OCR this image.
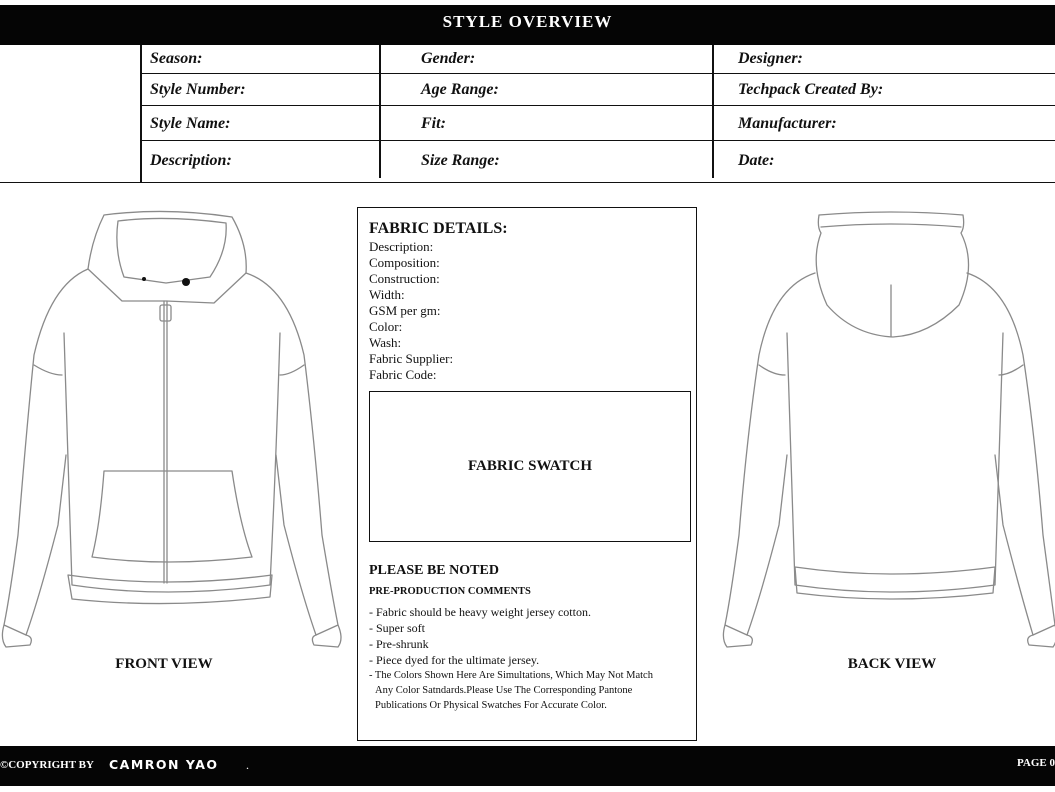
STYLE OVERVIEW
Season:
Style Number:
Style Name:
Description:
Gender:
Age Range:
Fit:
Size Range:
Designer:
Techpack Created By:
Manufacturer:
Date:
FRONT VIEW
FABRIC DETAILS:
Description:
Composition:
Construction:
Width:
GSM per gm:
Color:
Wash:
Fabric Supplier:
Fabric Code:
FABRIC SWATCH
PLEASE BE NOTED
PRE-PRODUCTION COMMENTS
- Fabric should be heavy weight jersey cotton.
- Super soft
- Pre-shrunk
- Piece dyed for the ultimate jersey.
- The Colors Shown Here Are Simultations, Which May Not Match
Any Color Satndards.Please Use The Corresponding Pantone
Publications Or Physical Swatches For Accurate Color.
BACK VIEW
©COPYRIGHT BY CAMRON YAO .	PAGE 0
